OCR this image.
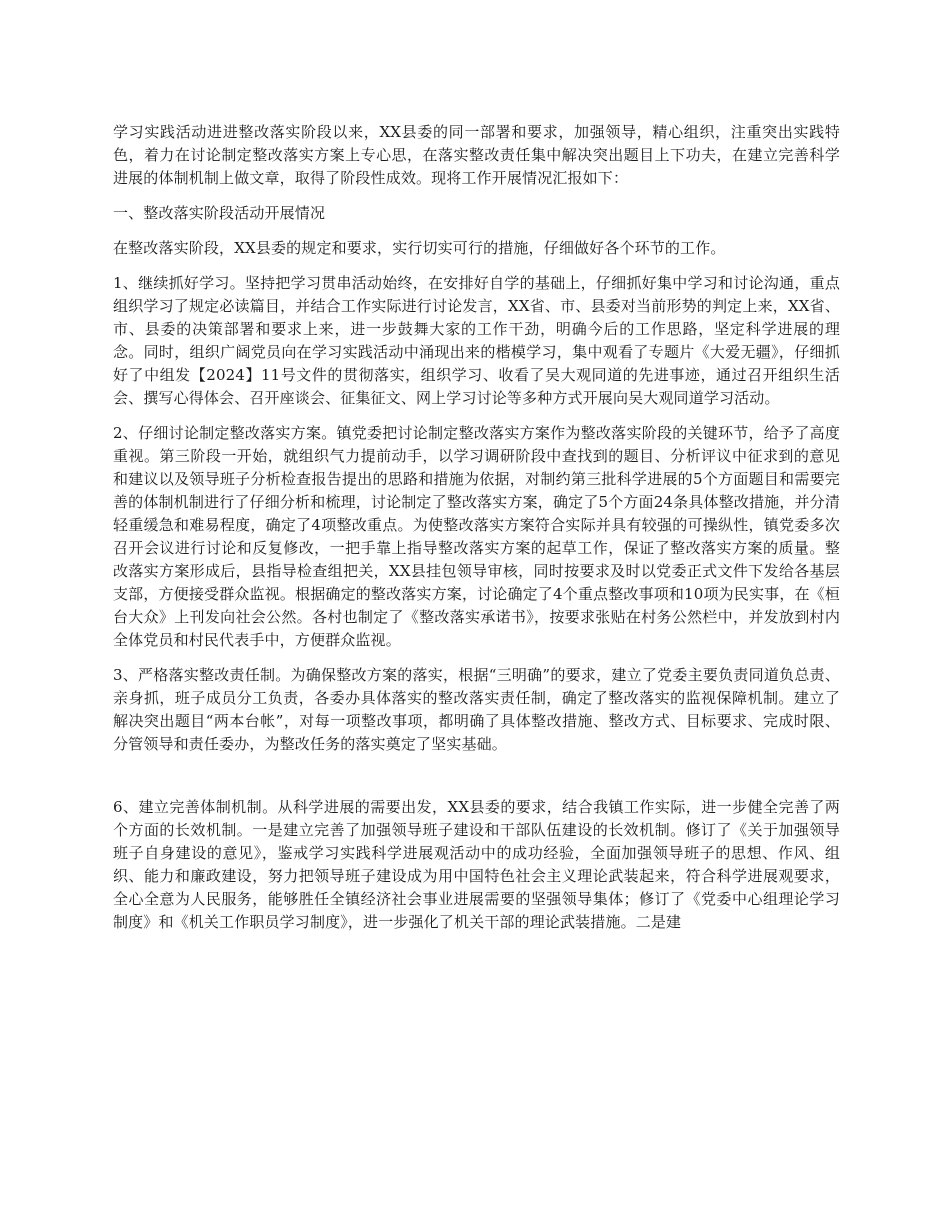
学习实践活动进进整改落实阶段以来，XX县委的同一部署和要求，加强领导，精心组织，注重突出实践特色，着力在讨论制定整改落实方案上专心思，在落实整改责任集中解决突出题目上下功夫，在建立完善科学进展的体制机制上做文章，取得了阶段性成效。现将工作开展情况汇报如下：

一、整改落实阶段活动开展情况

在整改落实阶段，XX县委的规定和要求，实行切实可行的措施，仔细做好各个环节的工作。

1、继续抓好学习。坚持把学习贯串活动始终，在安排好自学的基础上，仔细抓好集中学习和讨论沟通，重点组织学习了规定必读篇目，并结合工作实际进行讨论发言，XX省、市、县委对当前形势的判定上来，XX省、市、县委的决策部署和要求上来，进一步鼓舞大家的工作干劲，明确今后的工作思路，坚定科学进展的理念。同时，组织广阔党员向在学习实践活动中涌现出来的楷模学习，集中观看了专题片《大爱无疆》，仔细抓好了中组发【2024】11号文件的贯彻落实，组织学习、收看了吴大观同道的先进事迹，通过召开组织生活会、撰写心得体会、召开座谈会、征集征文、网上学习讨论等多种方式开展向吴大观同道学习活动。

2、仔细讨论制定整改落实方案。镇党委把讨论制定整改落实方案作为整改落实阶段的关键环节，给予了高度重视。第三阶段一开始，就组织气力提前动手，以学习调研阶段中查找到的题目、分析评议中征求到的意见和建议以及领导班子分析检查报告提出的思路和措施为依据，对制约第三批科学进展的5个方面题目和需要完善的体制机制进行了仔细分析和梳理，讨论制定了整改落实方案，确定了5个方面24条具体整改措施，并分清轻重缓急和难易程度，确定了4项整改重点。为使整改落实方案符合实际并具有较强的可操纵性，镇党委多次召开会议进行讨论和反复修改，一把手靠上指导整改落实方案的起草工作，保证了整改落实方案的质量。整改落实方案形成后，县指导检查组把关，XX县挂包领导审核，同时按要求及时以党委正式文件下发给各基层支部，方便接受群众监视。根据确定的整改落实方案，讨论确定了4个重点整改事项和10项为民实事，在《桓台大众》上刊发向社会公然。各村也制定了《整改落实承诺书》，按要求张贴在村务公然栏中，并发放到村内全体党员和村民代表手中，方便群众监视。

3、严格落实整改责任制。为确保整改方案的落实，根据“三明确”的要求，建立了党委主要负责同道负总责、亲身抓，班子成员分工负责，各委办具体落实的整改落实责任制，确定了整改落实的监视保障机制。建立了解决突出题目“两本台帐”，对每一项整改事项，都明确了具体整改措施、整改方式、目标要求、完成时限、分管领导和责任委办，为整改任务的落实奠定了坚实基础。

6、建立完善体制机制。从科学进展的需要出发，XX县委的要求，结合我镇工作实际，进一步健全完善了两个方面的长效机制。一是建立完善了加强领导班子建设和干部队伍建设的长效机制。修订了《关于加强领导班子自身建设的意见》，鉴戒学习实践科学进展观活动中的成功经验，全面加强领导班子的思想、作风、组织、能力和廉政建设，努力把领导班子建设成为用中国特色社会主义理论武装起来，符合科学进展观要求，全心全意为人民服务，能够胜任全镇经济社会事业进展需要的坚强领导集体；修订了《党委中心组理论学习制度》和《机关工作职员学习制度》，进一步强化了机关干部的理论武装措施。二是建
